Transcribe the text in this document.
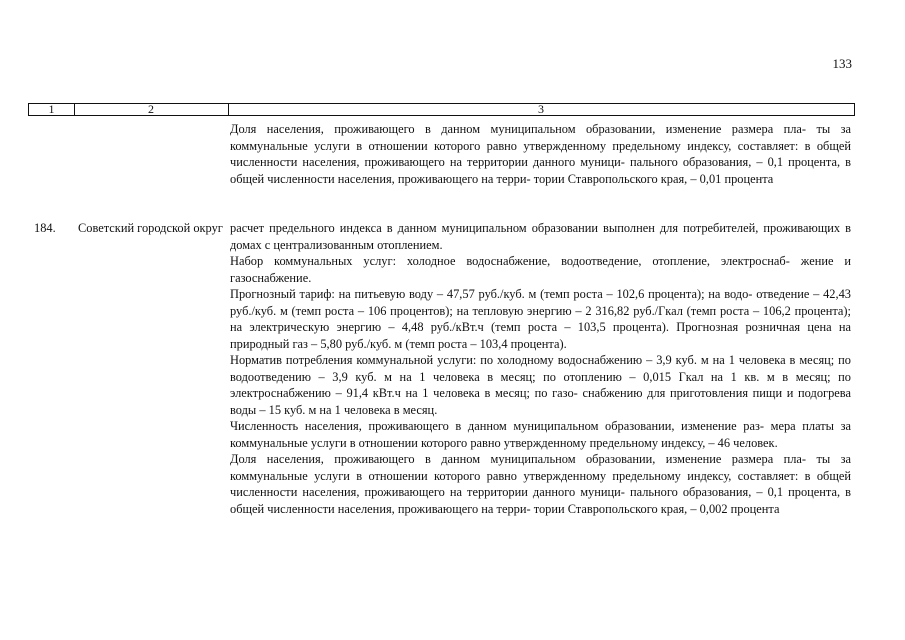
133
1	2	3

Доля населения, проживающего в данном муниципальном образовании, изменение размера пла- ты за коммунальные услуги в отношении которого равно утвержденному предельному индексу, составляет: в общей численности населения, проживающего на территории данного муници- пального образования, – 0,1 процента, в общей численности населения, проживающего на терри- тории Ставропольского края, – 0,01 процента

184. Советский городской округ расчет предельного индекса в данном муниципальном образовании выполнен для потребителей, проживающих в домах с централизованным отоплением.

Набор коммунальных услуг: холодное водоснабжение, водоотведение, отопление, электроснаб- жение и газоснабжение.

Прогнозный тариф: на питьевую воду – 47,57 руб./куб. м (темп роста – 102,6 процента); на водо- отведение – 42,43 руб./куб. м (темп роста – 106 процентов); на тепловую энергию – 2 316,82 руб./Гкал (темп роста – 106,2 процента); на электрическую энергию – 4,48 руб./кВт.ч (темп роста – 103,5 процента). Прогнозная розничная цена на природный газ – 5,80 руб./куб. м (темп роста – 103,4 процента).

Норматив потребления коммунальной услуги: по холодному водоснабжению – 3,9 куб. м на 1 человека в месяц; по водоотведению – 3,9 куб. м на 1 человека в месяц; по отоплению – 0,015 Гкал на 1 кв. м в месяц; по электроснабжению – 91,4 кВт.ч на 1 человека в месяц; по газо- снабжению для приготовления пищи и подогрева воды – 15 куб. м на 1 человека в месяц.

Численность населения, проживающего в данном муниципальном образовании, изменение раз- мера платы за коммунальные услуги в отношении которого равно утвержденному предельному индексу, – 46 человек.

Доля населения, проживающего в данном муниципальном образовании, изменение размера пла- ты за коммунальные услуги в отношении которого равно утвержденному предельному индексу, составляет: в общей численности населения, проживающего на территории данного муници- пального образования, – 0,1 процента, в общей численности населения, проживающего на терри- тории Ставропольского края, – 0,002 процента
